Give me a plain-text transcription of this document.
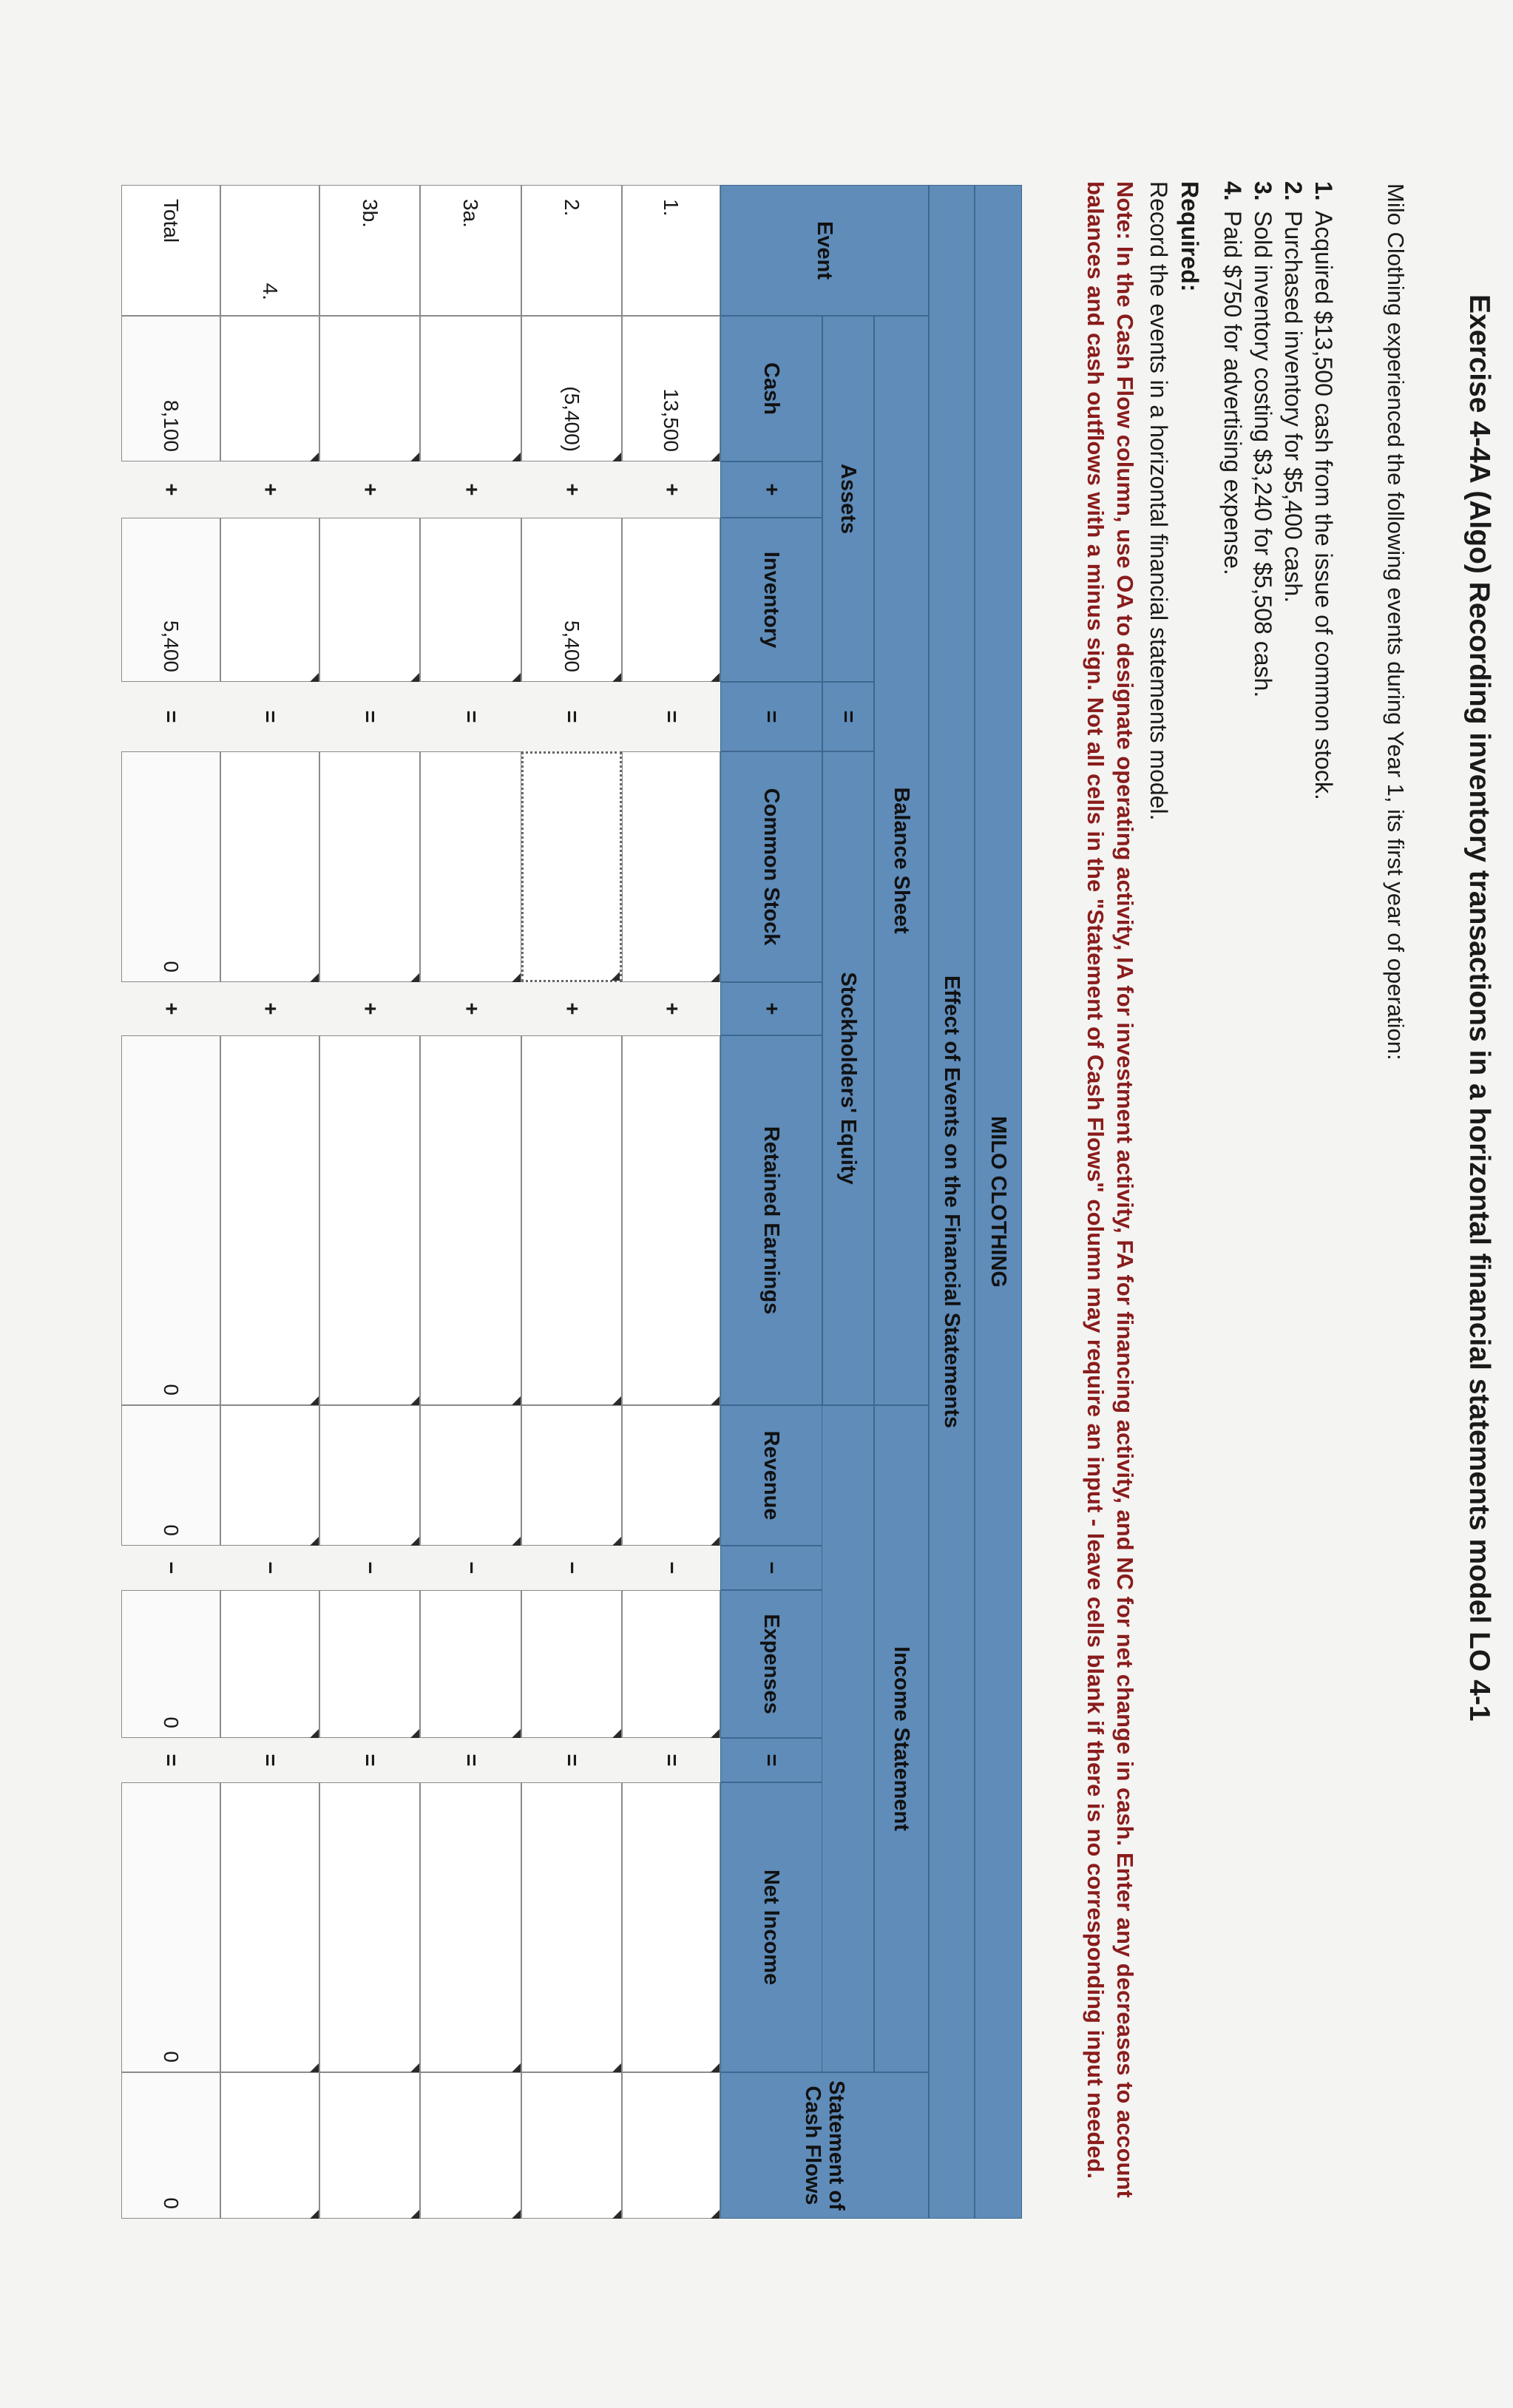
Exercise 4-4A (Algo) Recording inventory transactions in a horizontal financial statements model LO 4-1
Milo Clothing experienced the following events during Year 1, its first year of operation:
1.Acquired $13,500 cash from the issue of common stock.
2.Purchased inventory for $5,400 cash.
3.Sold inventory costing $3,240 for $5,508 cash.
4.Paid $750 for advertising expense.
Required:
Record the events in a horizontal financial statements model.
Note: In the Cash Flow column, use OA to designate operating activity, IA for investment activity, FA for financing activity, and NC for net change in cash. Enter any decreases to account balances and cash outflows with a minus sign. Not all cells in the "Statement of Cash Flows" column may require an input - leave cells blank if there is no corresponding input needed.
MILO CLOTHING
Effect of Events on the Financial Statements
Event
Balance Sheet
Income Statement
Statement of Cash Flows
Assets
=
Stockholders' Equity
Cash
+
Inventory
=
Common Stock
+
Retained Earnings
Revenue
−
Expenses
=
Net Income
1.
13,500
+
=
+
−
=
2.
(5,400)
+
5,400
=
+
−
=
3a.
+
=
+
−
=
3b.
+
=
+
−
=
4.
+
=
+
−
=
Total
8,100
+
5,400
=
0
+
0
0
−
0
=
0
0
